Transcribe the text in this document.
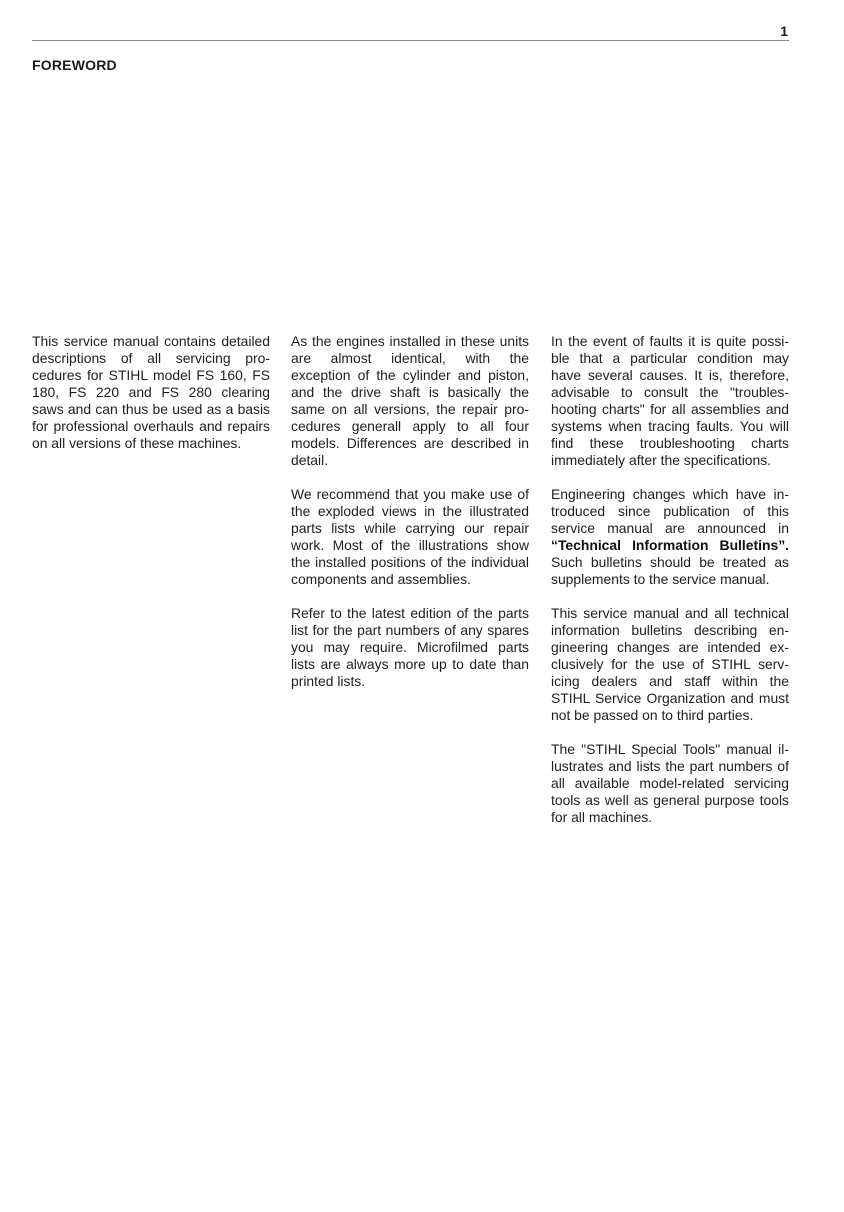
1
FOREWORD

This service manual contains detailed descriptions of all servicing procedures for STIHL model FS 160, FS 180, FS 220 and FS 280 clearing saws and can thus be used as a basis for professional overhauls and repairs on all versions of these machines.

As the engines installed in these units are almost identical, with the exception of the cylinder and piston, and the drive shaft is basically the same on all versions, the repair procedures generall apply to all four models. Differences are described in detail.

We recommend that you make use of the exploded views in the illustrated parts lists while carrying our repair work. Most of the illustrations show the installed positions of the individual components and assemblies.

Refer to the latest edition of the parts list for the part numbers of any spares you may require. Microfilmed parts lists are always more up to date than printed lists.

In the event of faults it is quite possible that a particular condition may have several causes. It is, therefore, advisable to consult the "troubleshooting charts" for all assemblies and systems when tracing faults. You will find these troubleshooting charts immediately after the specifications.

Engineering changes which have introduced since publication of this service manual are announced in “Technical Information Bulletins”. Such bulletins should be treated as supplements to the service manual.

This service manual and all technical information bulletins describing engineering changes are intended exclusively for the use of STIHL servicing dealers and staff within the STIHL Service Organization and must not be passed on to third parties.

The "STIHL Special Tools" manual illustrates and lists the part numbers of all available model-related servicing tools as well as general purpose tools for all machines.
